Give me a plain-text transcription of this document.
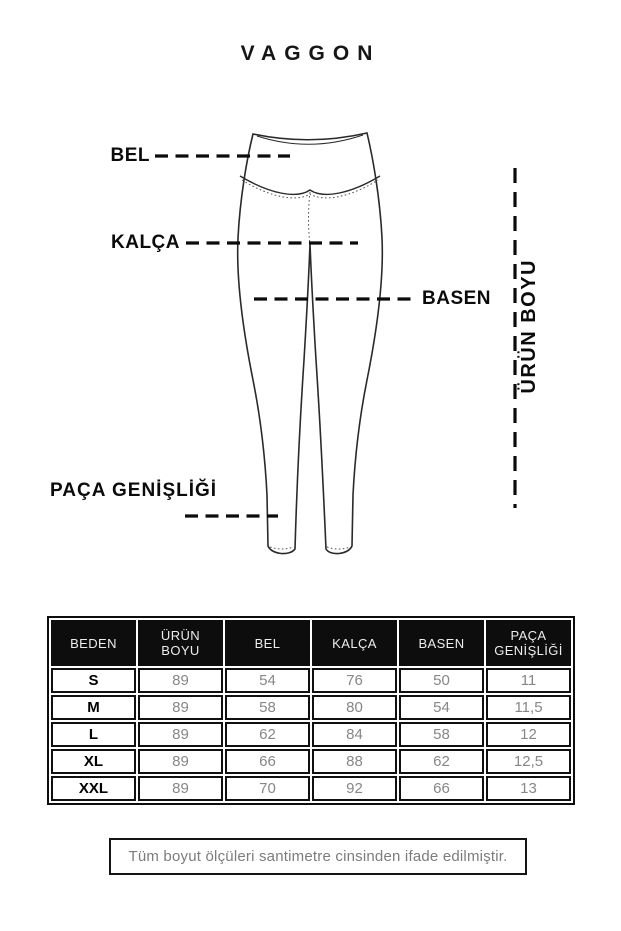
VAGGON
BEL
KALÇA
BASEN
PAÇA GENİŞLİĞİ
ÜRÜN BOYU
BEDEN	ÜRÜN BOYU	BEL	KALÇA	BASEN	PAÇA GENİŞLİĞİ
S	89	54	76	50	11
M	89	58	80	54	11,5
L	89	62	84	58	12
XL	89	66	88	62	12,5
XXL	89	70	92	66	13
Tüm boyut ölçüleri santimetre cinsinden ifade edilmiştir.
